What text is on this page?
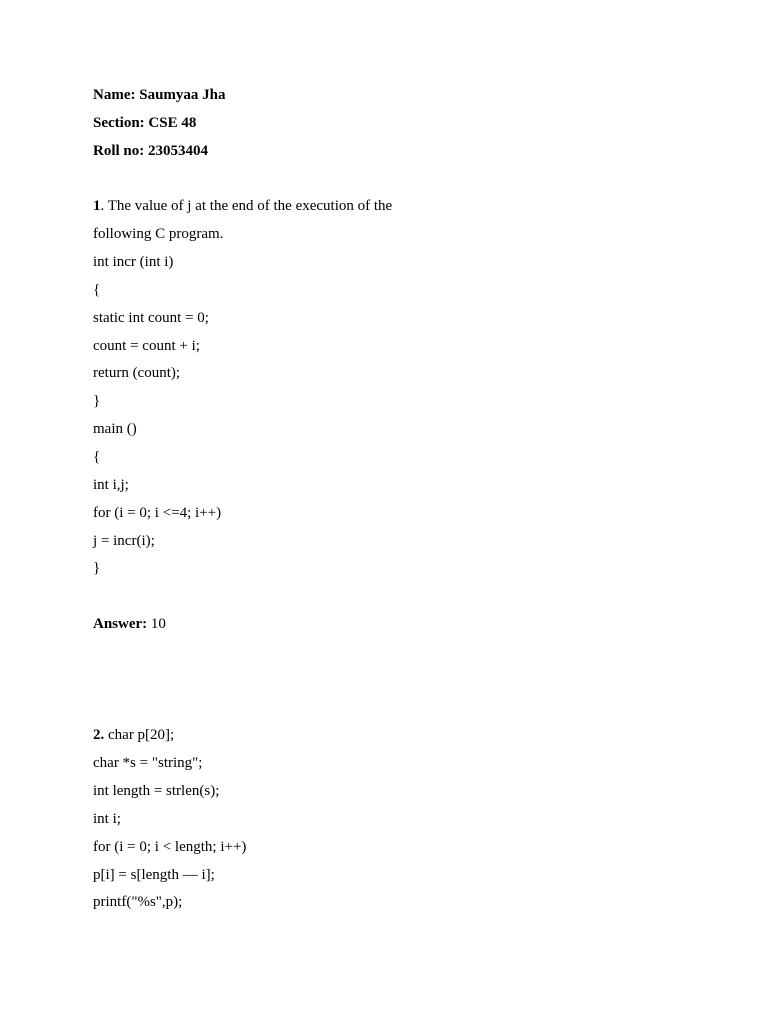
Name: Saumyaa Jha
Section: CSE 48
Roll no: 23053404
1. The value of j at the end of the execution of the
following C program.
int incr (int i)
{
static int count = 0;
count = count + i;
return (count);
}
main ()
{
int i,j;
for (i = 0; i <=4; i++)
j = incr(i);
}
Answer: 10
2. char p[20];
char *s = "string";
int length = strlen(s);
int i;
for (i = 0; i < length; i++)
p[i] = s[length — i];
printf("%s",p);
